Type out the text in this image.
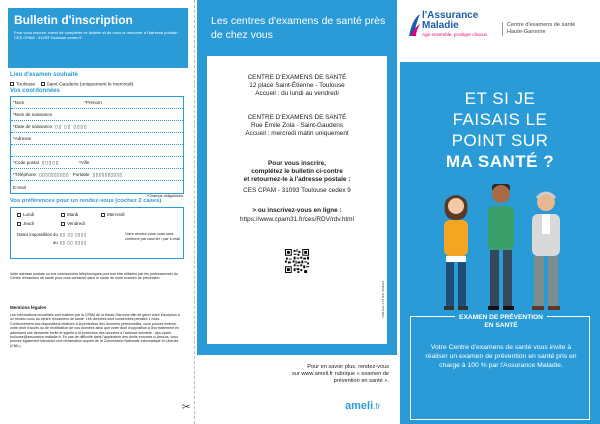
Bulletin d'inscription

Pour vous inscrire, merci de compléter ce bulletin et de nous le retourner à l'adresse postale : CES CPAM - 31093 Toulouse cedex 9

Lieu d'examen souhaité
Toulouse Saint-Gaudens (uniquement le mercredi)
Vos coordonnées
*Nom	*Prénom
*Nom de naissance
*Date de naissance ▯▯ ▯▯ ▯▯▯▯
*Adresse
*Code postal ▯▯▯▯▯	*Ville
*Téléphone ▯▯▯▯▯▯▯▯▯▯ Portable ▯▯▯▯▯▯▯▯▯▯
E-mail
*Champs obligatoires.
Vos préférences pour un rendez-vous (cochez 2 cases)
Lundi	Mardi	Mercredi
Jeudi	Vendredi
Dates impossibles du ▯▯ ▯▯ ▯▯▯▯
au ▯▯ ▯▯ ▯▯▯▯
Votre rendez-vous vous sera confirmé par courrier / par e-mail
Votre adresse postale ou vos coordonnées téléphoniques pourront être utilisées par les professionnels du Centre d'examens de santé pour vous contacter dans le cadre de votre examen de prévention.
Mentions légales
Les informations recueillies sont traitées par la CPAM de la Haute-Garonne afin de gérer votre inscription à un rendez-vous au centre d'examens de santé. Les données sont conservées pendant 1 mois. Conformément aux dispositions relatives à la protection des données personnelles, vous pouvez exercer votre droit d'accès ou de rectification de vos données ainsi que votre droit d'opposition à leur traitement en adressant une demande écrite et signée à la protection des données à l'adresse suivante : dpo.cpam-toulouse@assurance-maladie.fr. En cas de difficulté dans l'application des droits énoncés ci-dessus, vous pouvez également introduire une réclamation auprès de la Commission Nationale Informatique et Libertés (CNIL).
✂
Les centres d'examens de santé près de chez vous
CENTRE D'EXAMENS DE SANTÉ
12 place Saint-Étienne - Toulouse
Accueil : du lundi au vendredi
CENTRE D'EXAMENS DE SANTÉ
Rue Émile Zola - Saint-Gaudens
Accueil : mercredi matin uniquement
Pour vous inscrire,
complétez le bulletin ci-contre
et retournez-le à l'adresse postale :
CES CPAM - 31093 Toulouse cedex 9
> ou inscrivez-vous en ligne :
https://www.cpam31.fr/ces/RDV/rdv.html
LSM-M-0-1-15 Réf. 05/2022
Pour en savoir plus, rendez-vous
sur www.ameli.fr rubrique « examen de
prévention en santé ».
ameli.fr
l'Assurance
Maladie
Agir ensemble, protéger chacun
Centre d'examens de santé
Haute-Garonne
ET SI JE
FAISAIS LE
POINT SUR
MA SANTÉ ?
EXAMEN DE PRÉVENTION
EN SANTÉ
Votre Centre d'examens de santé vous invite à réaliser un examen de prévention en santé pris en charge à 100 % par l'Assurance Maladie.
